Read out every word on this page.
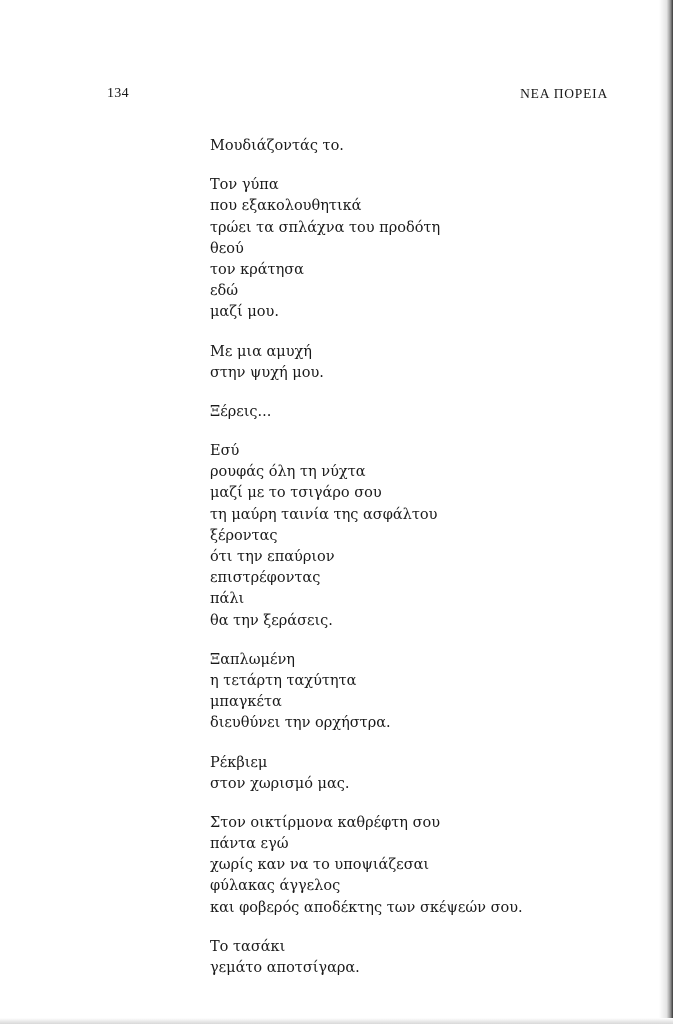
134	ΝΕΑ ΠΟΡΕΙΑ
Μουδιάζοντάς το.
Τον γύπα
που εξακολουθητικά
τρώει τα σπλάχνα του προδότη
θεού
τον κράτησα
εδώ
μαζί μου.
Με μια αμυχή
στην ψυχή μου.
Ξέρεις...
Εσύ
ρουφάς όλη τη νύχτα
μαζί με το τσιγάρο σου
τη μαύρη ταινία της ασφάλτου
ξέροντας
ότι την επαύριον
επιστρέφοντας
πάλι
θα την ξεράσεις.
Ξαπλωμένη
η τετάρτη ταχύτητα
μπαγκέτα
διευθύνει την ορχήστρα.
Ρέκβιεμ
στον χωρισμό μας.
Στον οικτίρμονα καθρέφτη σου
πάντα εγώ
χωρίς καν να το υποψιάζεσαι
φύλακας άγγελος
και φοβερός αποδέκτης των σκέψεών σου.
Το τασάκι
γεμάτο αποτσίγαρα.
